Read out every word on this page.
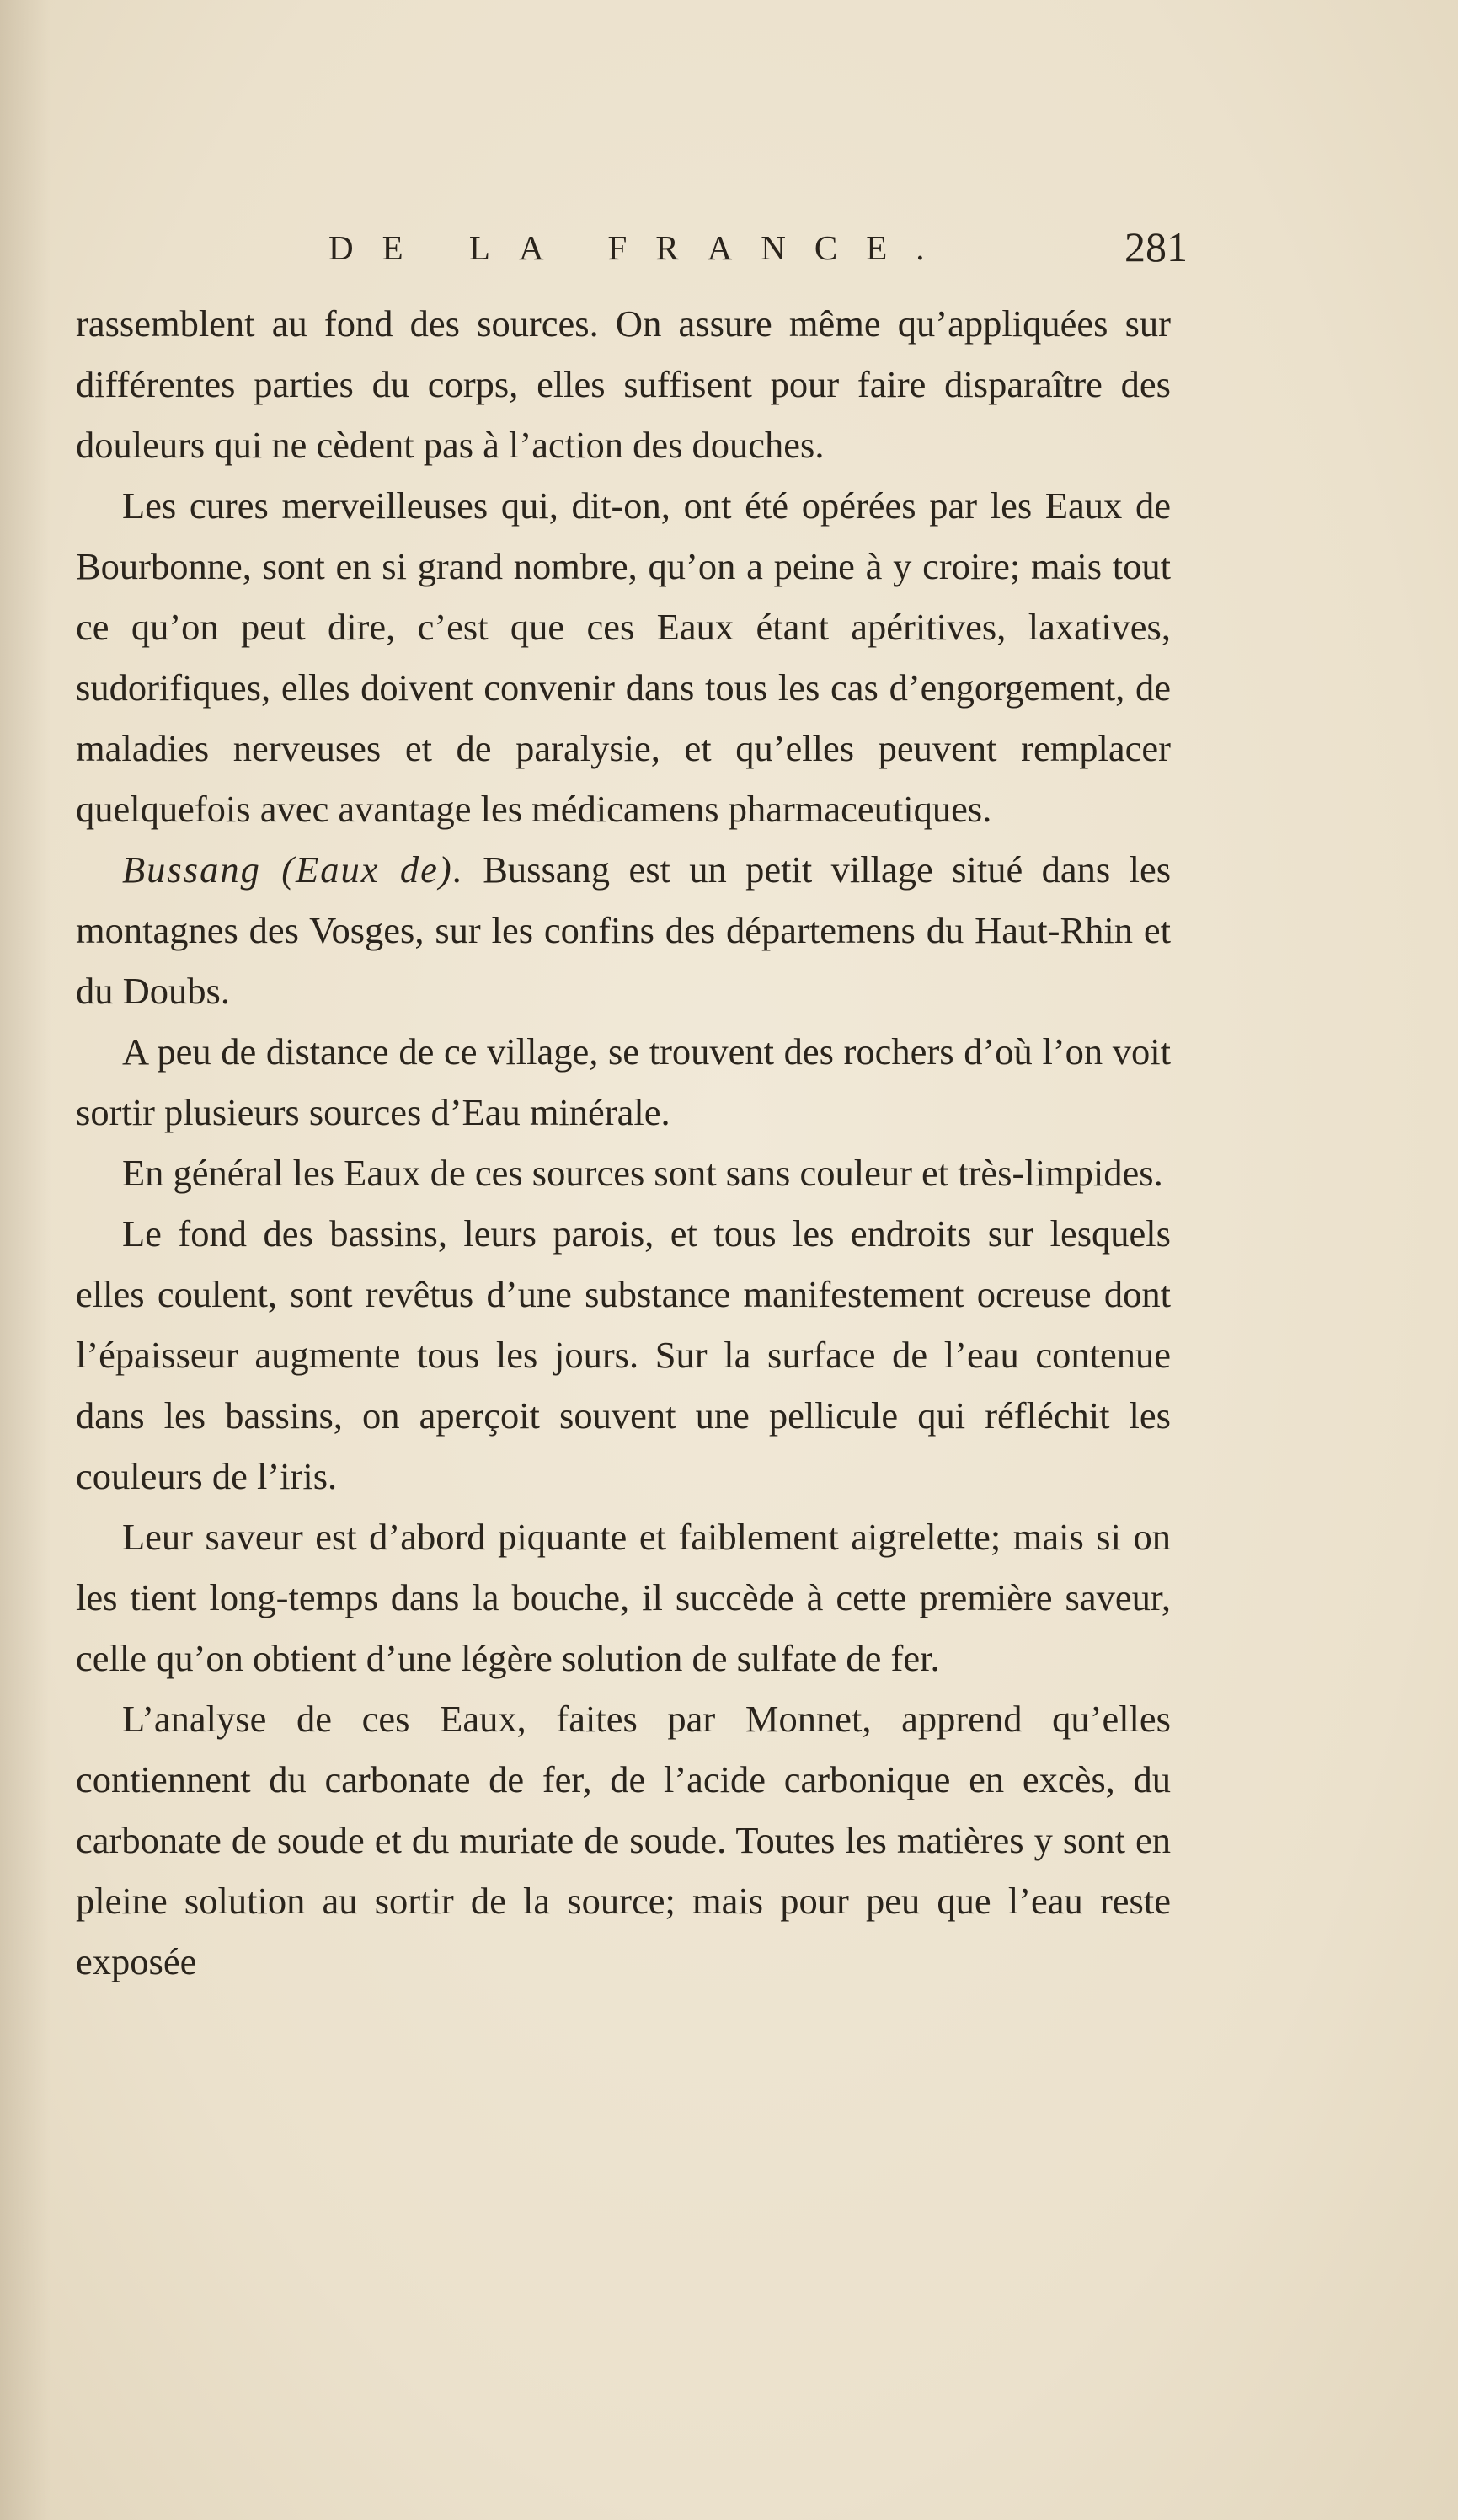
DE LA FRANCE.	281

rassemblent au fond des sources. On assure même qu’appliquées sur différentes parties du corps, elles suffisent pour faire disparaître des douleurs qui ne cèdent pas à l’action des douches.

Les cures merveilleuses qui, dit-on, ont été opérées par les Eaux de Bourbonne, sont en si grand nombre, qu’on a peine à y croire; mais tout ce qu’on peut dire, c’est que ces Eaux étant apéritives, laxatives, sudorifiques, elles doivent convenir dans tous les cas d’engorgement, de maladies nerveuses et de paralysie, et qu’elles peuvent remplacer quelquefois avec avantage les médicamens pharmaceutiques.

Bussang (Eaux de). Bussang est un petit village situé dans les montagnes des Vosges, sur les confins des départemens du Haut-Rhin et du Doubs.

A peu de distance de ce village, se trouvent des rochers d’où l’on voit sortir plusieurs sources d’Eau minérale.

En général les Eaux de ces sources sont sans couleur et très-limpides.

Le fond des bassins, leurs parois, et tous les endroits sur lesquels elles coulent, sont revêtus d’une substance manifestement ocreuse dont l’épaisseur augmente tous les jours. Sur la surface de l’eau contenue dans les bassins, on aperçoit souvent une pellicule qui réfléchit les couleurs de l’iris.

Leur saveur est d’abord piquante et faiblement aigrelette; mais si on les tient long-temps dans la bouche, il succède à cette première saveur, celle qu’on obtient d’une légère solution de sulfate de fer.

L’analyse de ces Eaux, faites par Monnet, apprend qu’elles contiennent du carbonate de fer, de l’acide carbonique en excès, du carbonate de soude et du muriate de soude. Toutes les matières y sont en pleine solution au sortir de la source; mais pour peu que l’eau reste exposée
